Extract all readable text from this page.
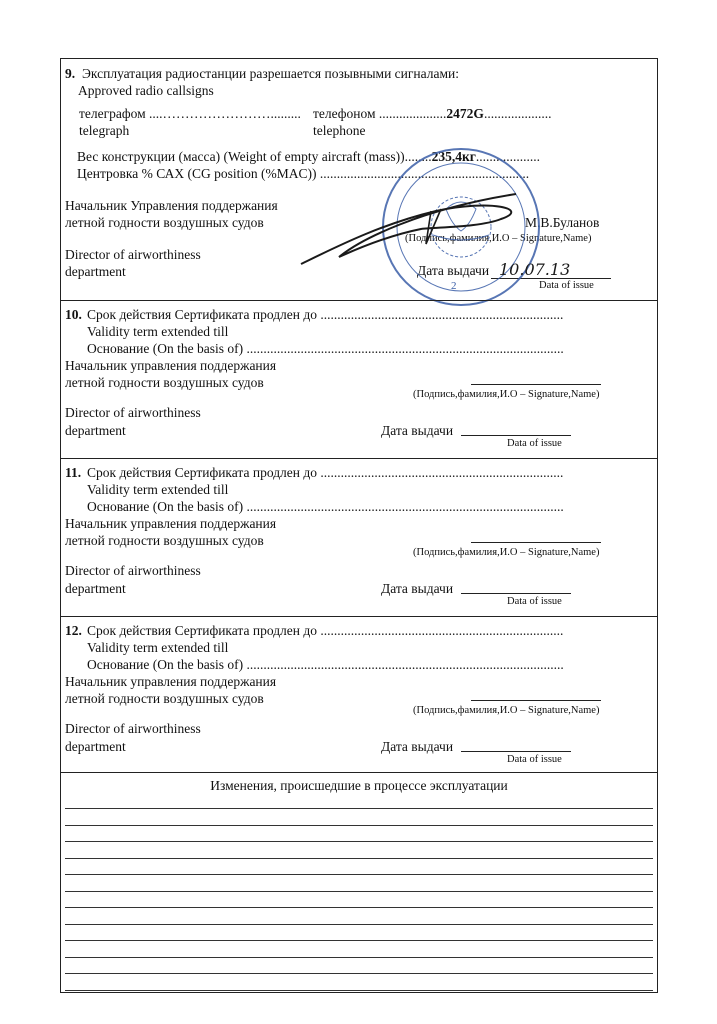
9. Эксплуатация радиостанции разрешается позывными сигналами:
Approved radio callsigns
телеграфом ....…………………….........
telegraph
телефоном ....................2472G....................
telephone
Вес конструкции (масса) (Weight of empty aircraft (mass))........235,4кг...................
Центровка % САХ (CG position (%MAC)) ..............................................................
Начальник Управления поддержания
летной годности воздушных судов	М.В.Буланов
(Подпись,фамилия,И.О – Signature,Name)
Director of airworthiness
department	Дата выдачи
Data of issue
2
10.07.13
10. Срок действия Сертификата продлен до ........................................................................
Validity term extended till
Основание (On the basis of) ..............................................................................................
Начальник управления поддержания
летной годности воздушных судов
(Подпись,фамилия,И.О – Signature,Name)
Director of airworthiness
department	Дата выдачи
Data of issue
11. Срок действия Сертификата продлен до ........................................................................
Validity term extended till
Основание (On the basis of) ..............................................................................................
Начальник управления поддержания
летной годности воздушных судов
(Подпись,фамилия,И.О – Signature,Name)
Director of airworthiness
department	Дата выдачи
Data of issue
12. Срок действия Сертификата продлен до ........................................................................
Validity term extended till
Основание (On the basis of) ..............................................................................................
Начальник управления поддержания
летной годности воздушных судов
(Подпись,фамилия,И.О – Signature,Name)
Director of airworthiness
department	Дата выдачи
Data of issue
Изменения, происшедшие в процессе эксплуатации
